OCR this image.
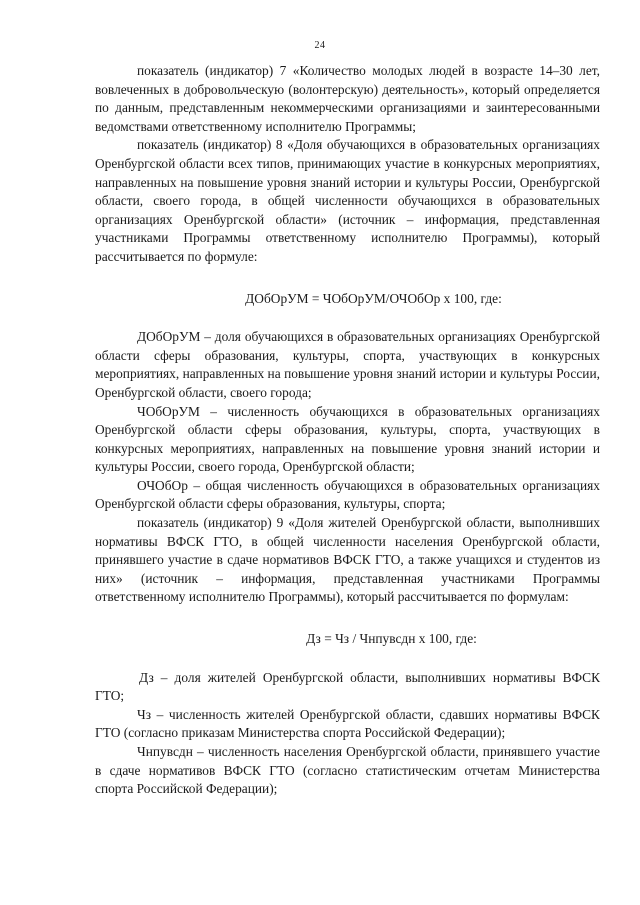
24

показатель (индикатор) 7 «Количество молодых людей в возрасте 14–30 лет, вовлеченных в добровольческую (волонтерскую) деятельность», который определяется по данным, представленным некоммерческими организациями и заинтересованными ведомствами ответственному исполнителю Программы;

показатель (индикатор) 8 «Доля обучающихся в образовательных организациях Оренбургской области всех типов, принимающих участие в конкурсных мероприятиях, направленных на повышение уровня знаний истории и культуры России, Оренбургской области, своего города, в общей численности обучающихся в образовательных организациях Оренбургской области» (источник – информация, представленная участниками Программы ответственному исполнителю Программы), который рассчитывается по формуле:

ДОбОрУМ = ЧОбОрУМ/ОЧОбОр х 100, где:

ДОбОрУМ – доля обучающихся в образовательных организациях Оренбургской области сферы образования, культуры, спорта, участвующих в конкурсных мероприятиях, направленных на повышение уровня знаний истории и культуры России, Оренбургской области, своего города;

ЧОбОрУМ – численность обучающихся в образовательных организациях Оренбургской области сферы образования, культуры, спорта, участвующих в конкурсных мероприятиях, направленных на повышение уровня знаний истории и культуры России, своего города, Оренбургской области;

ОЧОбОр – общая численность обучающихся в образовательных организациях Оренбургской области сферы образования, культуры, спорта;

показатель (индикатор) 9 «Доля жителей Оренбургской области, выполнивших нормативы ВФСК ГТО, в общей численности населения Оренбургской области, принявшего участие в сдаче нормативов ВФСК ГТО, а также учащихся и студентов из них» (источник – информация, представленная участниками Программы ответственному исполнителю Программы), который рассчитывается по формулам:

Дз = Чз / Чнпувсдн х 100, где:

Дз – доля жителей Оренбургской области, выполнивших нормативы ВФСК ГТО;

Чз – численность жителей Оренбургской области, сдавших нормативы ВФСК ГТО (согласно приказам Министерства спорта Российской Федерации);

Чнпувсдн – численность населения Оренбургской области, принявшего участие в сдаче нормативов ВФСК ГТО (согласно статистическим отчетам Министерства спорта Российской Федерации);
